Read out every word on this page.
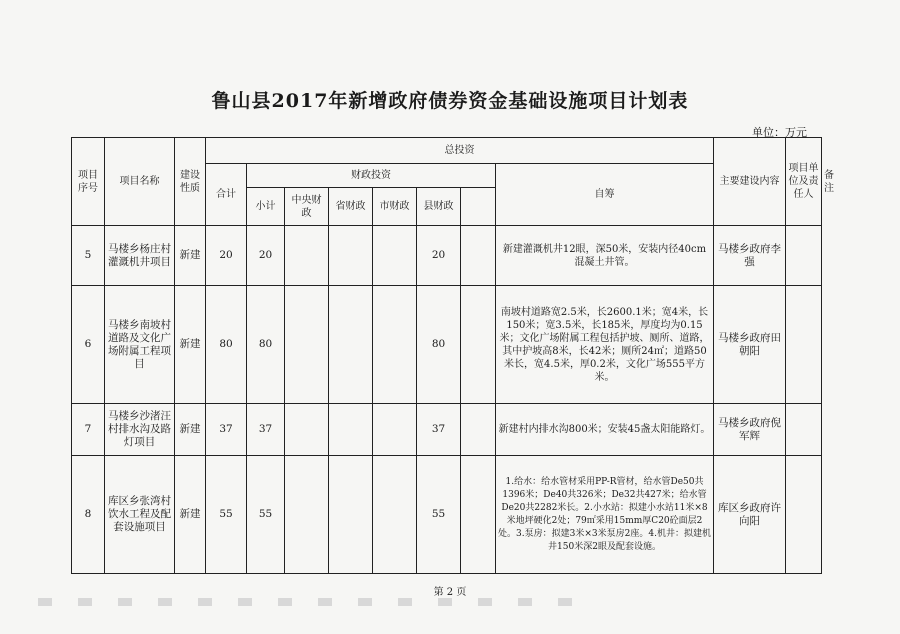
鲁山县2017年新增政府债券资金基础设施项目计划表
单位：万元
项目序号	项目名称	建设性质	总投资								主要建设内容	项目单位及责任人	备注
			合计	财政投资						自筹			
				小计	中央财政	省财政	市财政	县财政					
5	马楼乡杨庄村灌溉机井项目	新建	20	20				20		新建灌溉机井12眼，深50米，安装内径40cm混凝土井管。	马楼乡政府李强		
6	马楼乡南坡村道路及文化广场附属工程项目	新建	80	80				80		南坡村道路宽2.5米，长2600.1米；宽4米，长150米；宽3.5米，长185米，厚度均为0.15米；文化广场附属工程包括护坡、厕所、道路，其中护坡高8米，长42米；厕所24㎡；道路50米长，宽4.5米，厚0.2米，文化广场555平方米。	马楼乡政府田朝阳		
7	马楼乡沙渚汪村排水沟及路灯项目	新建	37	37				37		新建村内排水沟800米；安装45盏太阳能路灯。	马楼乡政府倪军辉		
8	库区乡张湾村饮水工程及配套设施项目	新建	55	55				55		1.给水：给水管材采用PP-R管材，给水管De50共1396米；De40共326米；De32共427米；给水管De20共2282米长。2.小水站：拟建小水站11米×8米地坪硬化2处；79㎡采用15mm厚C20砼面层2处。3.泵房：拟建3米×3米泵房2座。4.机井：拟建机井150米深2眼及配套设施。	库区乡政府许向阳		
第 2 页
